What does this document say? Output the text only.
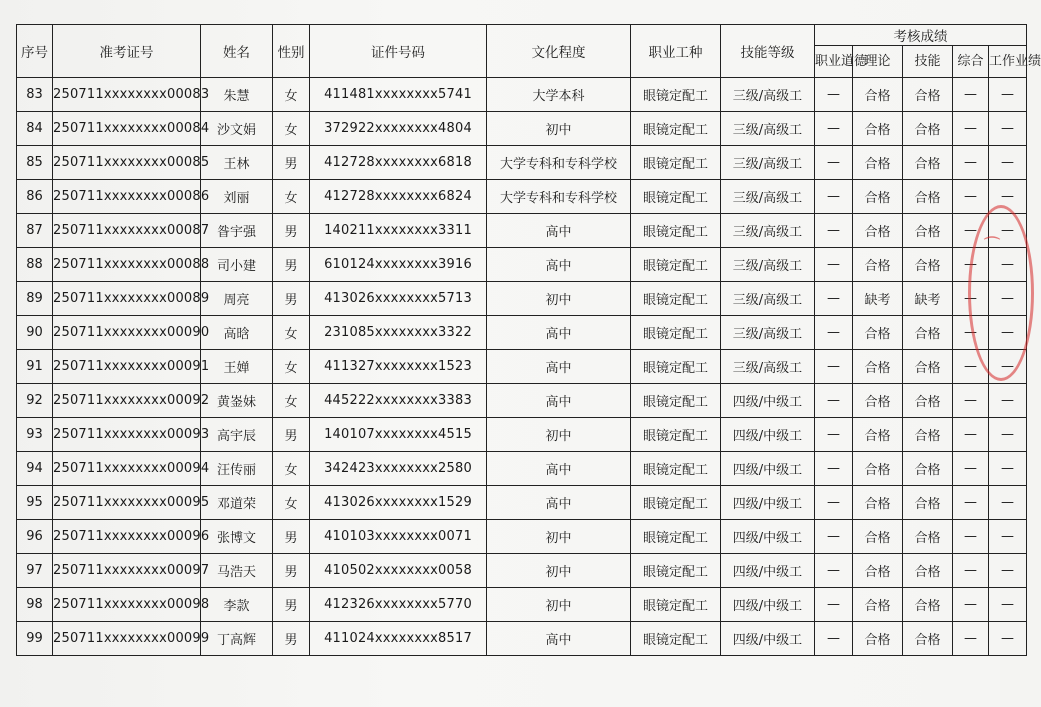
序号	准考证号	姓名	性别	证件号码	文化程度	职业工种	技能等级	考核成绩				
								职业道德	理论	技能	综合	工作业绩
83	250711xxxxxxxx00083	朱慧	女	411481xxxxxxxx5741	大学本科	眼镜定配工	三级/高级工	—	合格	合格	—	—
84	250711xxxxxxxx00084	沙文娟	女	372922xxxxxxxx4804	初中	眼镜定配工	三级/高级工	—	合格	合格	—	—
85	250711xxxxxxxx00085	王林	男	412728xxxxxxxx6818	大学专科和专科学校	眼镜定配工	三级/高级工	—	合格	合格	—	—
86	250711xxxxxxxx00086	刘丽	女	412728xxxxxxxx6824	大学专科和专科学校	眼镜定配工	三级/高级工	—	合格	合格	—	—
87	250711xxxxxxxx00087	昝宇强	男	140211xxxxxxxx3311	高中	眼镜定配工	三级/高级工	—	合格	合格	—	—
88	250711xxxxxxxx00088	司小建	男	610124xxxxxxxx3916	高中	眼镜定配工	三级/高级工	—	合格	合格	—	—
89	250711xxxxxxxx00089	周亮	男	413026xxxxxxxx5713	初中	眼镜定配工	三级/高级工	—	缺考	缺考	—	—
90	250711xxxxxxxx00090	高晗	女	231085xxxxxxxx3322	高中	眼镜定配工	三级/高级工	—	合格	合格	—	—
91	250711xxxxxxxx00091	王婵	女	411327xxxxxxxx1523	高中	眼镜定配工	三级/高级工	—	合格	合格	—	—
92	250711xxxxxxxx00092	黄崟妹	女	445222xxxxxxxx3383	高中	眼镜定配工	四级/中级工	—	合格	合格	—	—
93	250711xxxxxxxx00093	高宇辰	男	140107xxxxxxxx4515	初中	眼镜定配工	四级/中级工	—	合格	合格	—	—
94	250711xxxxxxxx00094	汪传丽	女	342423xxxxxxxx2580	高中	眼镜定配工	四级/中级工	—	合格	合格	—	—
95	250711xxxxxxxx00095	邓道荣	女	413026xxxxxxxx1529	高中	眼镜定配工	四级/中级工	—	合格	合格	—	—
96	250711xxxxxxxx00096	张博文	男	410103xxxxxxxx0071	初中	眼镜定配工	四级/中级工	—	合格	合格	—	—
97	250711xxxxxxxx00097	马浩天	男	410502xxxxxxxx0058	初中	眼镜定配工	四级/中级工	—	合格	合格	—	—
98	250711xxxxxxxx00098	李款	男	412326xxxxxxxx5770	初中	眼镜定配工	四级/中级工	—	合格	合格	—	—
99	250711xxxxxxxx00099	丁高辉	男	411024xxxxxxxx8517	高中	眼镜定配工	四级/中级工	—	合格	合格	—	—
⌒
